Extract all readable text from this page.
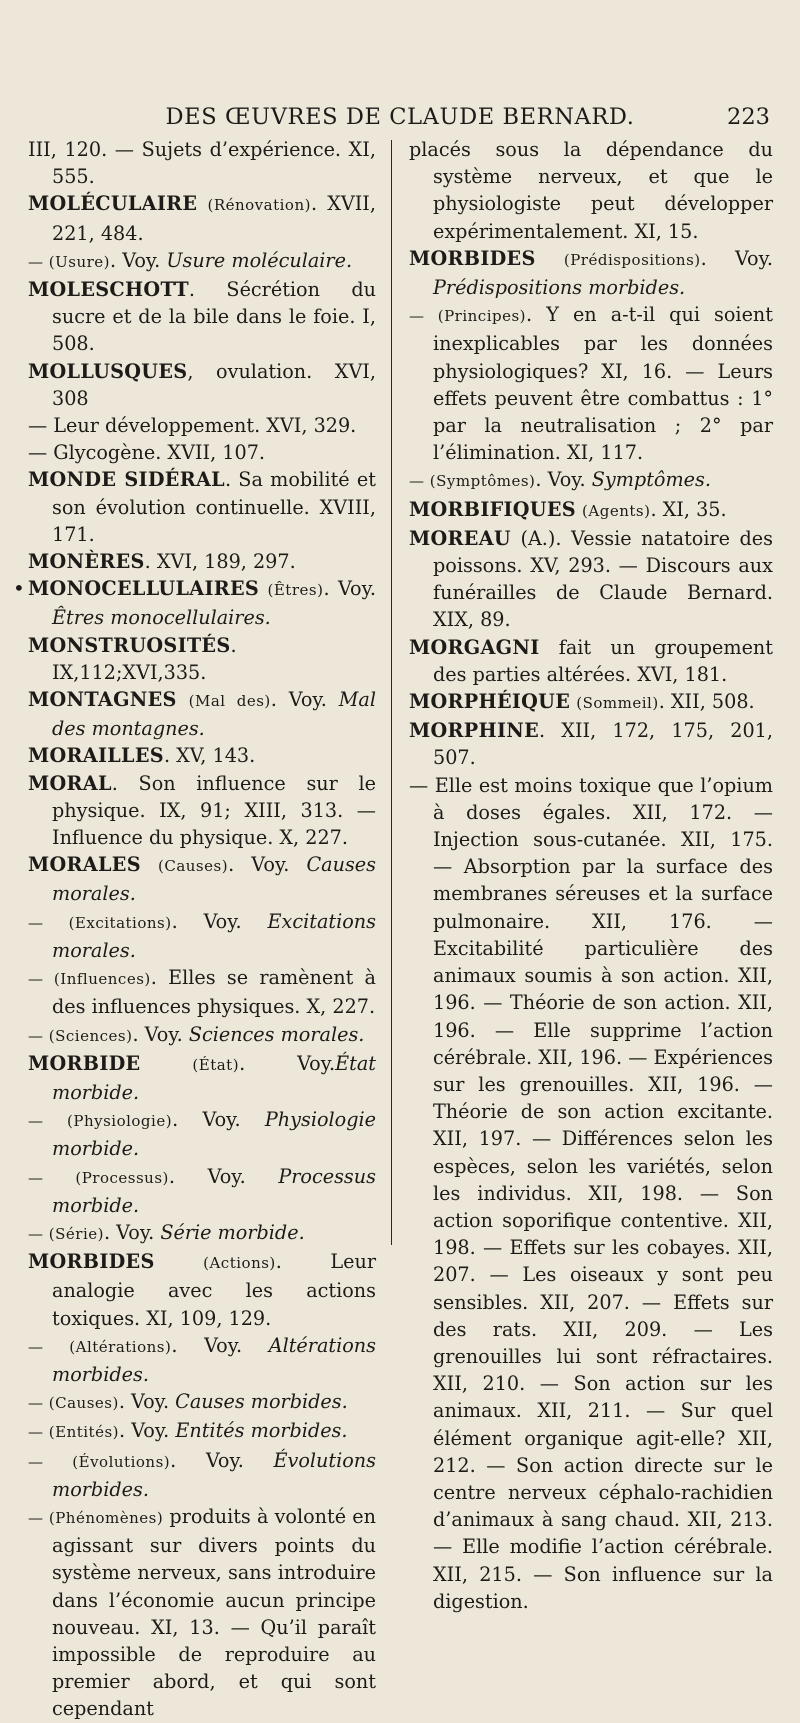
DES ŒUVRES DE CLAUDE BERNARD.	223
•

III, 120. — Sujets d’expérience. XI, 555.

MOLÉCULAIRE (Rénovation). XVII, 221, 484.

— (Usure). Voy. Usure moléculaire.

MOLESCHOTT. Sécrétion du sucre et de la bile dans le foie. I, 508.

MOLLUSQUES, ovulation. XVI, 308

— Leur développement. XVI, 329.

— Glycogène. XVII, 107.

MONDE SIDÉRAL. Sa mobilité et son évolution continuelle. XVIII, 171.

MONÈRES. XVI, 189, 297.

MONOCELLULAIRES (Êtres). Voy. Êtres monocellulaires.

MONSTRUOSITÉS. IX,112;XVI,335.

MONTAGNES (Mal des). Voy. Mal des montagnes.

MORAILLES. XV, 143.

MORAL. Son influence sur le physique. IX, 91; XIII, 313. — Influence du physique. X, 227.

MORALES (Causes). Voy. Causes morales.

— (Excitations). Voy. Excitations morales.

— (Influences). Elles se ramènent à des influences physiques. X, 227.

— (Sciences). Voy. Sciences morales.

MORBIDE	(État). Voy.État morbide.

— (Physiologie). Voy. Physiologie morbide.

— (Processus). Voy. Processus morbide.

— (Série). Voy. Série morbide.

MORBIDES	(Actions). Leur analogie avec les actions toxiques. XI, 109, 129.

— (Altérations). Voy. Altérations morbides.

— (Causes). Voy. Causes morbides.

— (Entités). Voy. Entités morbides.

— (Évolutions). Voy. Évolutions morbides.

— (Phénomènes) produits à volonté en agissant sur divers points du système nerveux, sans introduire dans l’économie aucun principe nouveau. XI, 13. — Qu’il paraît impossible de reproduire au premier abord, et qui sont cependant

placés sous la dépendance du système nerveux, et que le physiologiste peut développer expérimentalement. XI, 15.

MORBIDES (Prédispositions). Voy. Prédispositions morbides.

— (Principes). Y en a-t-il qui soient inexplicables par les données physiologiques? XI, 16. — Leurs effets peuvent être combattus : 1° par la neutralisation ; 2° par l’élimination. XI, 117.

— (Symptômes). Voy. Symptômes.

MORBIFIQUES (Agents). XI, 35.

MOREAU (A.). Vessie natatoire des poissons. XV, 293. — Discours aux funérailles de Claude Bernard. XIX, 89.

MORGAGNI fait un groupement des parties altérées. XVI, 181.

MORPHÉIQUE (Sommeil). XII, 508.

MORPHINE. XII, 172, 175, 201, 507.

— Elle est moins toxique que l’opium à doses égales. XII, 172. — Injection sous-cutanée. XII, 175. — Absorption par la surface des membranes séreuses et la surface pulmonaire. XII, 176. — Excitabilité particulière des animaux soumis à son action. XII, 196. — Théorie de son action. XII, 196. — Elle supprime l’action cérébrale. XII, 196. — Expériences sur les grenouilles. XII, 196. — Théorie de son action excitante. XII, 197. — Différences selon les espèces, selon les variétés, selon les individus. XII, 198. — Son action soporifique contentive. XII, 198. — Effets sur les cobayes. XII, 207. — Les oiseaux y sont peu sensibles. XII, 207. — Effets sur des rats. XII, 209. — Les grenouilles lui sont réfractaires. XII, 210. — Son action sur les animaux. XII, 211. — Sur quel élément organique agit-elle? XII, 212. — Son action directe sur le centre nerveux céphalo-rachidien d’animaux à sang chaud. XII, 213. — Elle modifie l’action cérébrale. XII, 215. — Son influence sur la digestion.
